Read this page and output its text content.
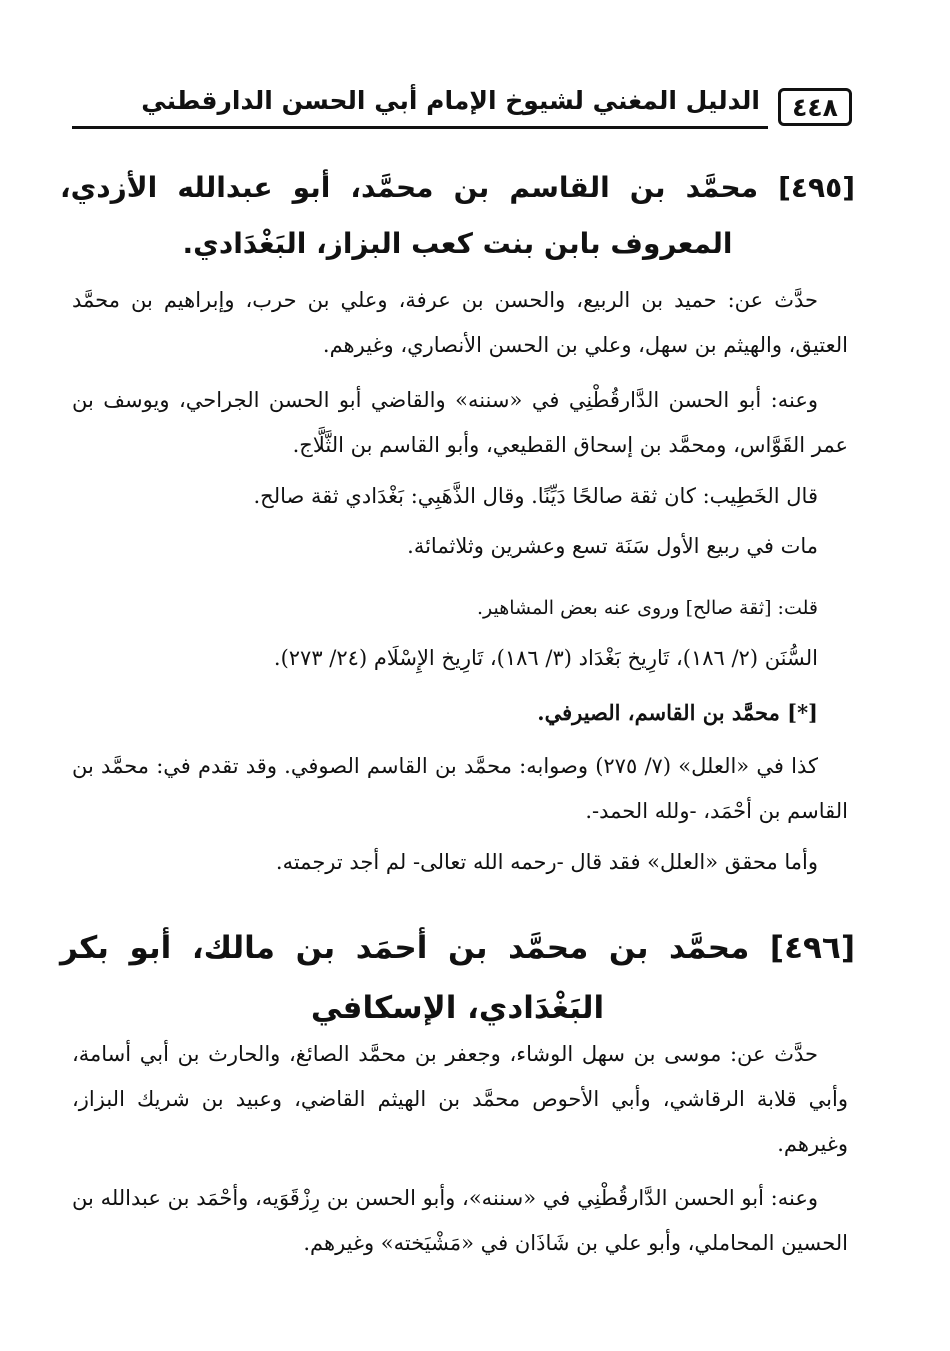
٤٤٨
الدليل المغني لشيوخ الإمام أبي الحسن الدارقطني
[٤٩٥] محمَّد بن القاسم بن محمَّد، أبو عبدالله الأزدي، المعروف بابن بنت كعب البزاز، البَغْدَادي.
حدَّث عن: حميد بن الربيع، والحسن بن عرفة، وعلي بن حرب، وإبراهيم بن محمَّد العتيق، والهيثم بن سهل، وعلي بن الحسن الأنصاري، وغيرهم.
وعنه: أبو الحسن الدَّارقُطْنِي في «سننه» والقاضي أبو الحسن الجراحي، ويوسف بن عمر القَوَّاس، ومحمَّد بن إسحاق القطيعي، وأبو القاسم بن الثَّلَّاج.
قال الخَطِيب: كان ثقة صالحًا دَيِّنًا. وقال الذَّهَبِي: بَغْدَادي ثقة صالح.
مات في ربيع الأول سَنَة تسع وعشرين وثلاثمائة.
قلت: [ثقة صالح] وروى عنه بعض المشاهير.
السُّنَن (٢/ ١٨٦)، تَارِيخ بَغْدَاد (٣/ ١٨٦)، تَارِيخ الإِسْلَام (٢٤/ ٢٧٣).
[*] محمَّد بن القاسم، الصيرفي.
كذا في «العلل» (٧/ ٢٧٥) وصوابه: محمَّد بن القاسم الصوفي. وقد تقدم في: محمَّد بن القاسم بن أحْمَد، -ولله الحمد-.
وأما محقق «العلل» فقد قال -رحمه الله تعالى- لم أجد ترجمته.
[٤٩٦] محمَّد بن محمَّد بن أحمَد بن مالك، أبو بكر البَغْدَادي، الإسكافي
حدَّث عن: موسى بن سهل الوشاء، وجعفر بن محمَّد الصائغ، والحارث بن أبي أسامة، وأبي قلابة الرقاشي، وأبي الأحوص محمَّد بن الهيثم القاضي، وعبيد بن شريك البزاز، وغيرهم.
وعنه: أبو الحسن الدَّارقُطْنِي في «سننه»، وأبو الحسن بن رِزْقَوَيه، وأحْمَد بن عبدالله بن الحسين المحاملي، وأبو علي بن شَاذَان في «مَشْيَخته» وغيرهم.
